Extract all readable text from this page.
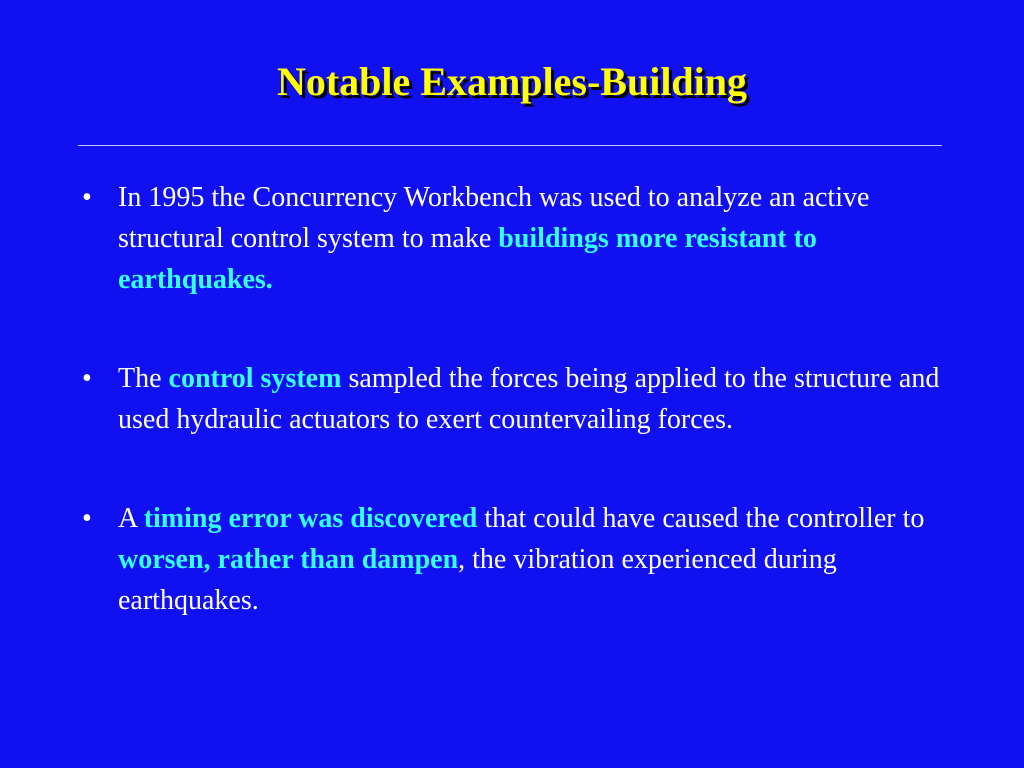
Notable Examples-Building
• In 1995 the Concurrency Workbench was used to analyze an active structural control system to make buildings more resistant to earthquakes.
• The control system sampled the forces being applied to the structure and used hydraulic actuators to exert countervailing forces.
• A timing error was discovered that could have caused the controller to worsen, rather than dampen, the vibration experienced during earthquakes.
